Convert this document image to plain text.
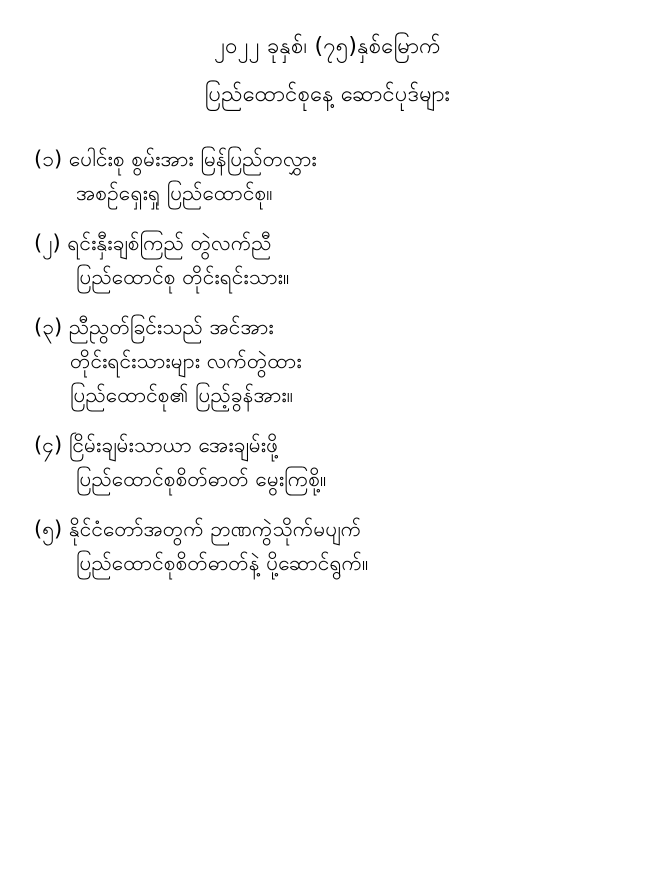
၂၀၂၂ ခုနှစ်၊ (၇၅)နှစ်မြောက်
ပြည်ထောင်စုနေ့ ဆောင်ပုဒ်များ
(၁) ပေါင်းစု စွမ်းအား မြန်ပြည်တလွှား
အစဉ်ရှေးရှု ပြည်ထောင်စု။
(၂) ရင်းနှီးချစ်ကြည် တွဲလက်ညီ
ပြည်ထောင်စု တိုင်းရင်းသား။
(၃) ညီညွတ်ခြင်းသည် အင်အား
တိုင်းရင်းသားများ လက်တွဲထား
ပြည်ထောင်စု၏ ပြည့်ခွန်အား။
(၄) ငြိမ်းချမ်းသာယာ အေးချမ်းဖို့
ပြည်ထောင်စုစိတ်ဓာတ် မွေးကြစို့။
(၅) နိုင်ငံတော်အတွက် ဉာဏကွဲသိုက်မပျက်
ပြည်ထောင်စုစိတ်ဓာတ်နဲ့ ပို့ဆောင်ရွက်။
